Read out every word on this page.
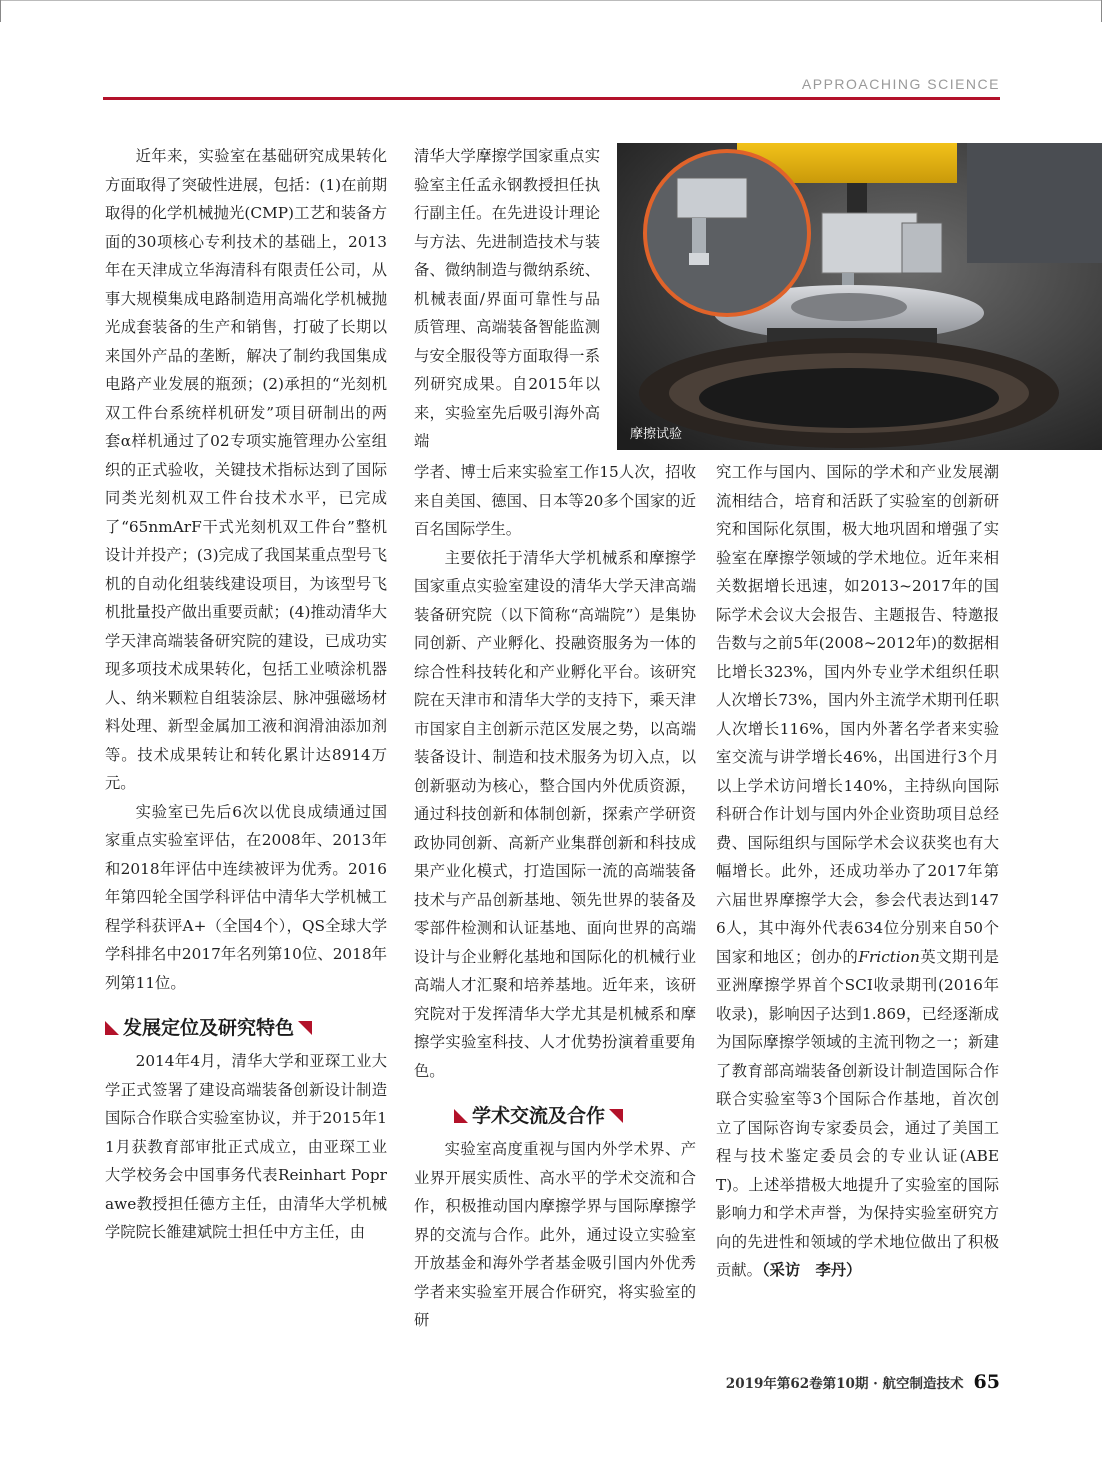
APPROACHING SCIENCE

近年来，实验室在基础研究成果转化方面取得了突破性进展，包括：(1)在前期取得的化学机械抛光(CMP)工艺和装备方面的30项核心专利技术的基础上，2013年在天津成立华海清科有限责任公司，从事大规模集成电路制造用高端化学机械抛光成套装备的生产和销售，打破了长期以来国外产品的垄断，解决了制约我国集成电路产业发展的瓶颈；(2)承担的“光刻机双工件台系统样机研发”项目研制出的两套α样机通过了02专项实施管理办公室组织的正式验收，关键技术指标达到了国际同类光刻机双工件台技术水平，已完成了“65nmArF干式光刻机双工件台”整机设计并投产；(3)完成了我国某重点型号飞机的自动化组装线建设项目，为该型号飞机批量投产做出重要贡献；(4)推动清华大学天津高端装备研究院的建设，已成功实现多项技术成果转化，包括工业喷涂机器人、纳米颗粒自组装涂层、脉冲强磁场材料处理、新型金属加工液和润滑油添加剂等。技术成果转让和转化累计达8914万元。

实验室已先后6次以优良成绩通过国家重点实验室评估，在2008年、2013年和2018年评估中连续被评为优秀。2016年第四轮全国学科评估中清华大学机械工程学科获评A+（全国4个），QS全球大学学科排名中2017年名列第10位、2018年列第11位。

发展定位及研究特色

2014年4月，清华大学和亚琛工业大学正式签署了建设高端装备创新设计制造国际合作联合实验室协议，并于2015年11月获教育部审批正式成立，由亚琛工业大学校务会中国事务代表Reinhart Poprawe教授担任德方主任，由清华大学机械学院院长雒建斌院士担任中方主任，由

清华大学摩擦学国家重点实验室主任孟永钢教授担任执行副主任。在先进设计理论与方法、先进制造技术与装备、微纳制造与微纳系统、机械表面/界面可靠性与品质管理、高端装备智能监测与安全服役等方面取得一系列研究成果。自2015年以来，实验室先后吸引海外高端	摩擦试验

学者、博士后来实验室工作15人次，招收来自美国、德国、日本等20多个国家的近百名国际学生。

主要依托于清华大学机械系和摩擦学国家重点实验室建设的清华大学天津高端装备研究院（以下简称“高端院”）是集协同创新、产业孵化、投融资服务为一体的综合性科技转化和产业孵化平台。该研究院在天津市和清华大学的支持下，乘天津市国家自主创新示范区发展之势，以高端装备设计、制造和技术服务为切入点，以创新驱动为核心，整合国内外优质资源，通过科技创新和体制创新，探索产学研资政协同创新、高新产业集群创新和科技成果产业化模式，打造国际一流的高端装备技术与产品创新基地、领先世界的装备及零部件检测和认证基地、面向世界的高端设计与企业孵化基地和国际化的机械行业高端人才汇聚和培养基地。近年来，该研究院对于发挥清华大学尤其是机械系和摩擦学实验室科技、人才优势扮演着重要角色。

学术交流及合作

实验室高度重视与国内外学术界、产业界开展实质性、高水平的学术交流和合作，积极推动国内摩擦学界与国际摩擦学界的交流与合作。此外，通过设立实验室开放基金和海外学者基金吸引国内外优秀学者来实验室开展合作研究，将实验室的研

究工作与国内、国际的学术和产业发展潮流相结合，培育和活跃了实验室的创新研究和国际化氛围，极大地巩固和增强了实验室在摩擦学领域的学术地位。近年来相关数据增长迅速，如2013~2017年的国际学术会议大会报告、主题报告、特邀报告数与之前5年(2008~2012年)的数据相比增长323%，国内外专业学术组织任职人次增长73%，国内外主流学术期刊任职人次增长116%，国内外著名学者来实验室交流与讲学增长46%，出国进行3个月以上学术访问增长140%，主持纵向国际科研合作计划与国内外企业资助项目总经费、国际组织与国际学术会议获奖也有大幅增长。此外，还成功举办了2017年第六届世界摩擦学大会，参会代表达到1476人，其中海外代表634位分别来自50个国家和地区；创办的Friction英文期刊是亚洲摩擦学界首个SCI收录期刊(2016年收录)，影响因子达到1.869，已经逐渐成为国际摩擦学领域的主流刊物之一；新建了教育部高端装备创新设计制造国际合作联合实验室等3个国际合作基地，首次创立了国际咨询专家委员会，通过了美国工程与技术鉴定委员会的专业认证(ABET)。上述举措极大地提升了实验室的国际影响力和学术声誉，为保持实验室研究方向的先进性和领域的学术地位做出了积极贡献。（采访　李丹）

2019年第62卷第10期 · 航空制造技术 65
